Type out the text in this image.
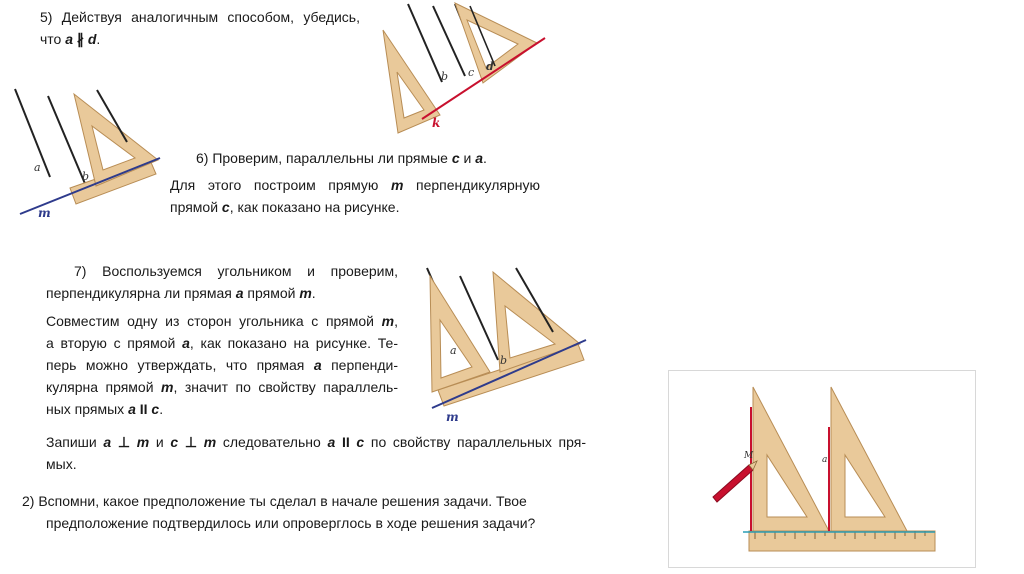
5) Действуя аналогичным способом, убедись,
что a ∦ d.
6) Проверим, параллельны ли прямые c и a.
Для этого построим прямую m перпендикулярную
прямой c, как показано на рисунке.
7) Воспользуемся угольником и проверим,
перпендикулярна ли прямая a прямой m.
Совместим одну из сторон угольника с прямой m,
а вторую с прямой a, как показано на рисунке. Те-
перь можно утверждать, что прямая a перпенди-
кулярна прямой m, значит по свойству параллель-
ных прямых a II c.
Запиши a ⊥ m и c ⊥ m следовательно a II c по свойству параллельных пря-
мых.
2) Вспомни, какое предположение ты сделал в начале решения задачи. Твое
предположение подтвердилось или опроверглось в ходе решения задачи?
b c d
k
a
b
m
a
b
m
M	a
